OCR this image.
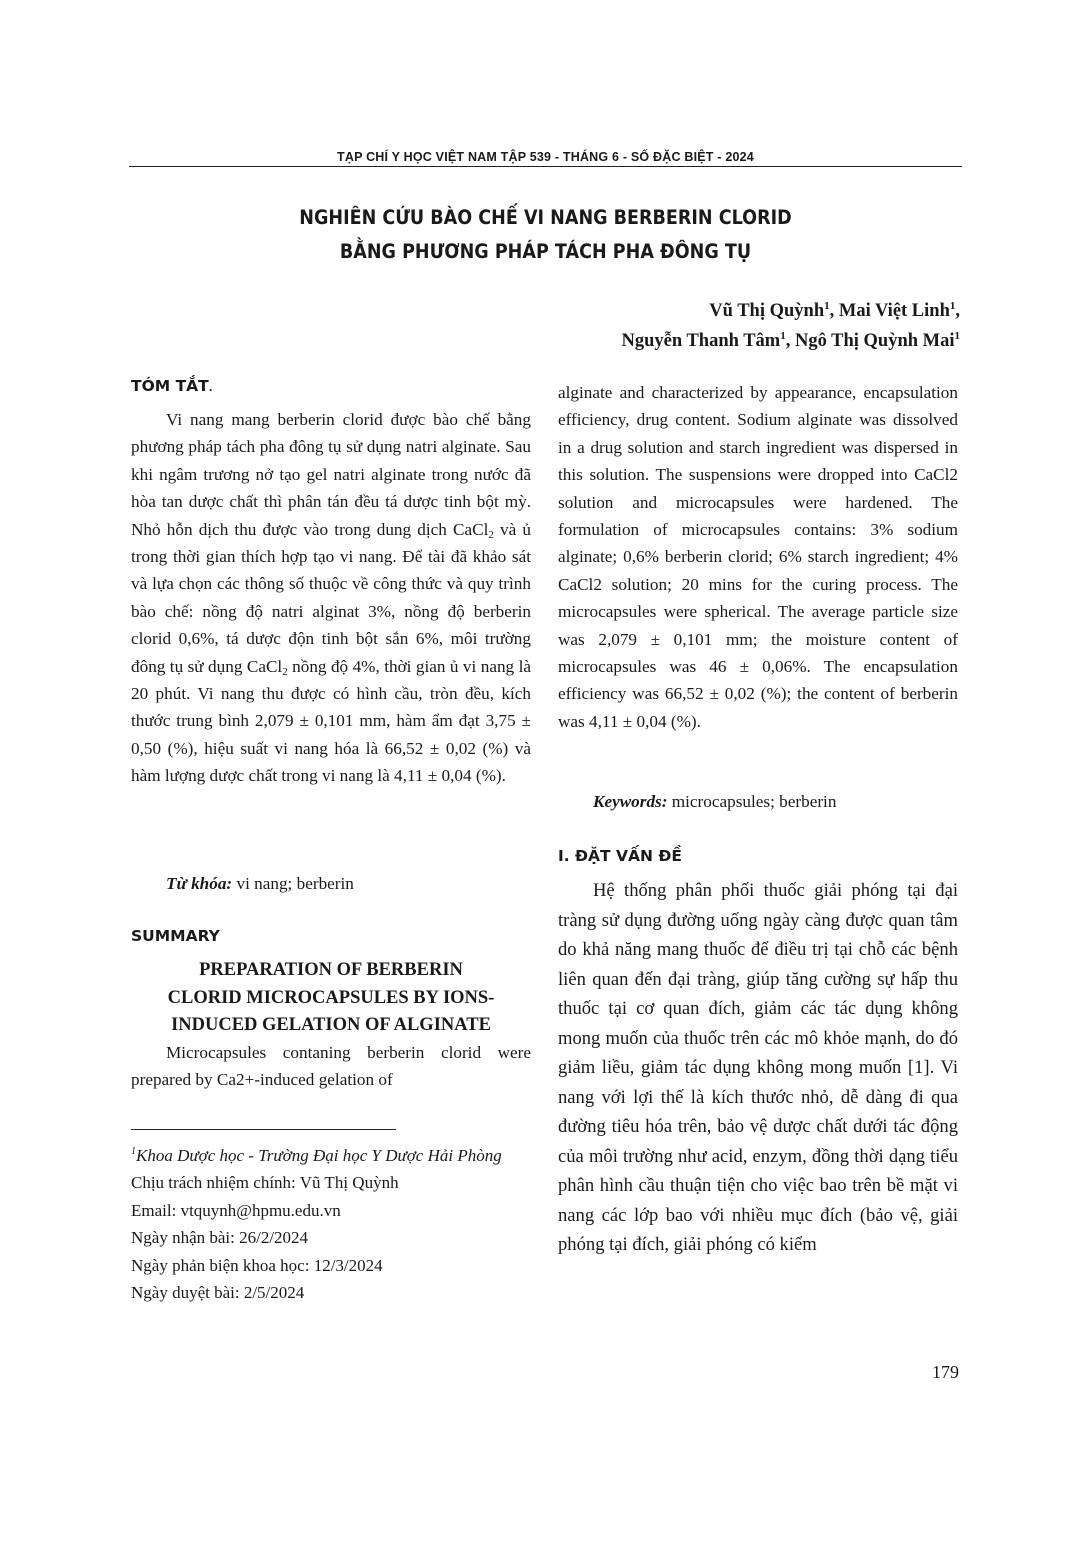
TẠP CHÍ Y HỌC VIỆT NAM TẬP 539 - THÁNG 6 - SỐ ĐẶC BIỆT - 2024
NGHIÊN CỨU BÀO CHẾ VI NANG BERBERIN CLORID
BẰNG PHƯƠNG PHÁP TÁCH PHA ĐÔNG TỤ
Vũ Thị Quỳnh$^1$, Mai Việt Linh$^1$,
Nguyễn Thanh Tâm$^1$, Ngô Thị Quỳnh Mai$^1$
TÓM TẮT.
Vi nang mang berberin clorid được bào chế bằng phương pháp tách pha đông tụ sử dụng natri alginate. Sau khi ngâm trương nở tạo gel natri alginate trong nước đã hòa tan dược chất thì phân tán đều tá dược tinh bột mỳ. Nhỏ hỗn dịch thu được vào trong dung dịch CaCl$_2$ và ủ trong thời gian thích hợp tạo vi nang. Để tài đã khảo sát và lựa chọn các thông số thuộc về công thức và quy trình bào chế: nồng độ natri alginat 3%, nồng độ berberin clorid 0,6%, tá dược độn tinh bột sắn 6%, môi trường đông tụ sử dụng CaCl$_2$ nồng độ 4%, thời gian ủ vi nang là 20 phút. Vi nang thu được có hình cầu, tròn đều, kích thước trung bình 2,079 ± 0,101 mm, hàm ẩm đạt 3,75 ± 0,50 (%), hiệu suất vi nang hóa là 66,52 ± 0,02 (%) và hàm lượng dược chất trong vi nang là 4,11 ± 0,04 (%).
Từ khóa: vi nang; berberin
SUMMARY
PREPARATION OF BERBERIN
CLORID MICROCAPSULES BY IONS-
INDUCED GELATION OF ALGINATE
Microcapsules contaning berberin clorid were prepared by Ca2+-induced gelation of
$^1$Khoa Dược học - Trường Đại học Y Dược Hải Phòng
Chịu trách nhiệm chính: Vũ Thị Quỳnh
Email: vtquynh@hpmu.edu.vn
Ngày nhận bài: 26/2/2024
Ngày phản biện khoa học: 12/3/2024
Ngày duyệt bài: 2/5/2024
alginate and characterized by appearance, encapsulation efficiency, drug content. Sodium alginate was dissolved in a drug solution and starch ingredient was dispersed in this solution. The suspensions were dropped into CaCl2 solution and microcapsules were hardened. The formulation of microcapsules contains: 3% sodium alginate; 0,6% berberin clorid; 6% starch ingredient; 4% CaCl2 solution; 20 mins for the curing process. The microcapsules were spherical. The average particle size was 2,079 ± 0,101 mm; the moisture content of microcapsules was 46 ± 0,06%. The encapsulation efficiency was 66,52 ± 0,02 (%); the content of berberin was 4,11 ± 0,04 (%).
Keywords: microcapsules; berberin
I. ĐẶT VẤN ĐỀ
Hệ thống phân phối thuốc giải phóng tại đại tràng sử dụng đường uống ngày càng được quan tâm do khả năng mang thuốc để điều trị tại chỗ các bệnh liên quan đến đại tràng, giúp tăng cường sự hấp thu thuốc tại cơ quan đích, giảm các tác dụng không mong muốn của thuốc trên các mô khỏe mạnh, do đó giảm liều, giảm tác dụng không mong muốn [1]. Vi nang với lợi thế là kích thước nhỏ, dễ dàng đi qua đường tiêu hóa trên, bảo vệ dược chất dưới tác động của môi trường như acid, enzym, đồng thời dạng tiểu phân hình cầu thuận tiện cho việc bao trên bề mặt vi nang các lớp bao với nhiều mục đích (bảo vệ, giải phóng tại đích, giải phóng có kiểm
179
